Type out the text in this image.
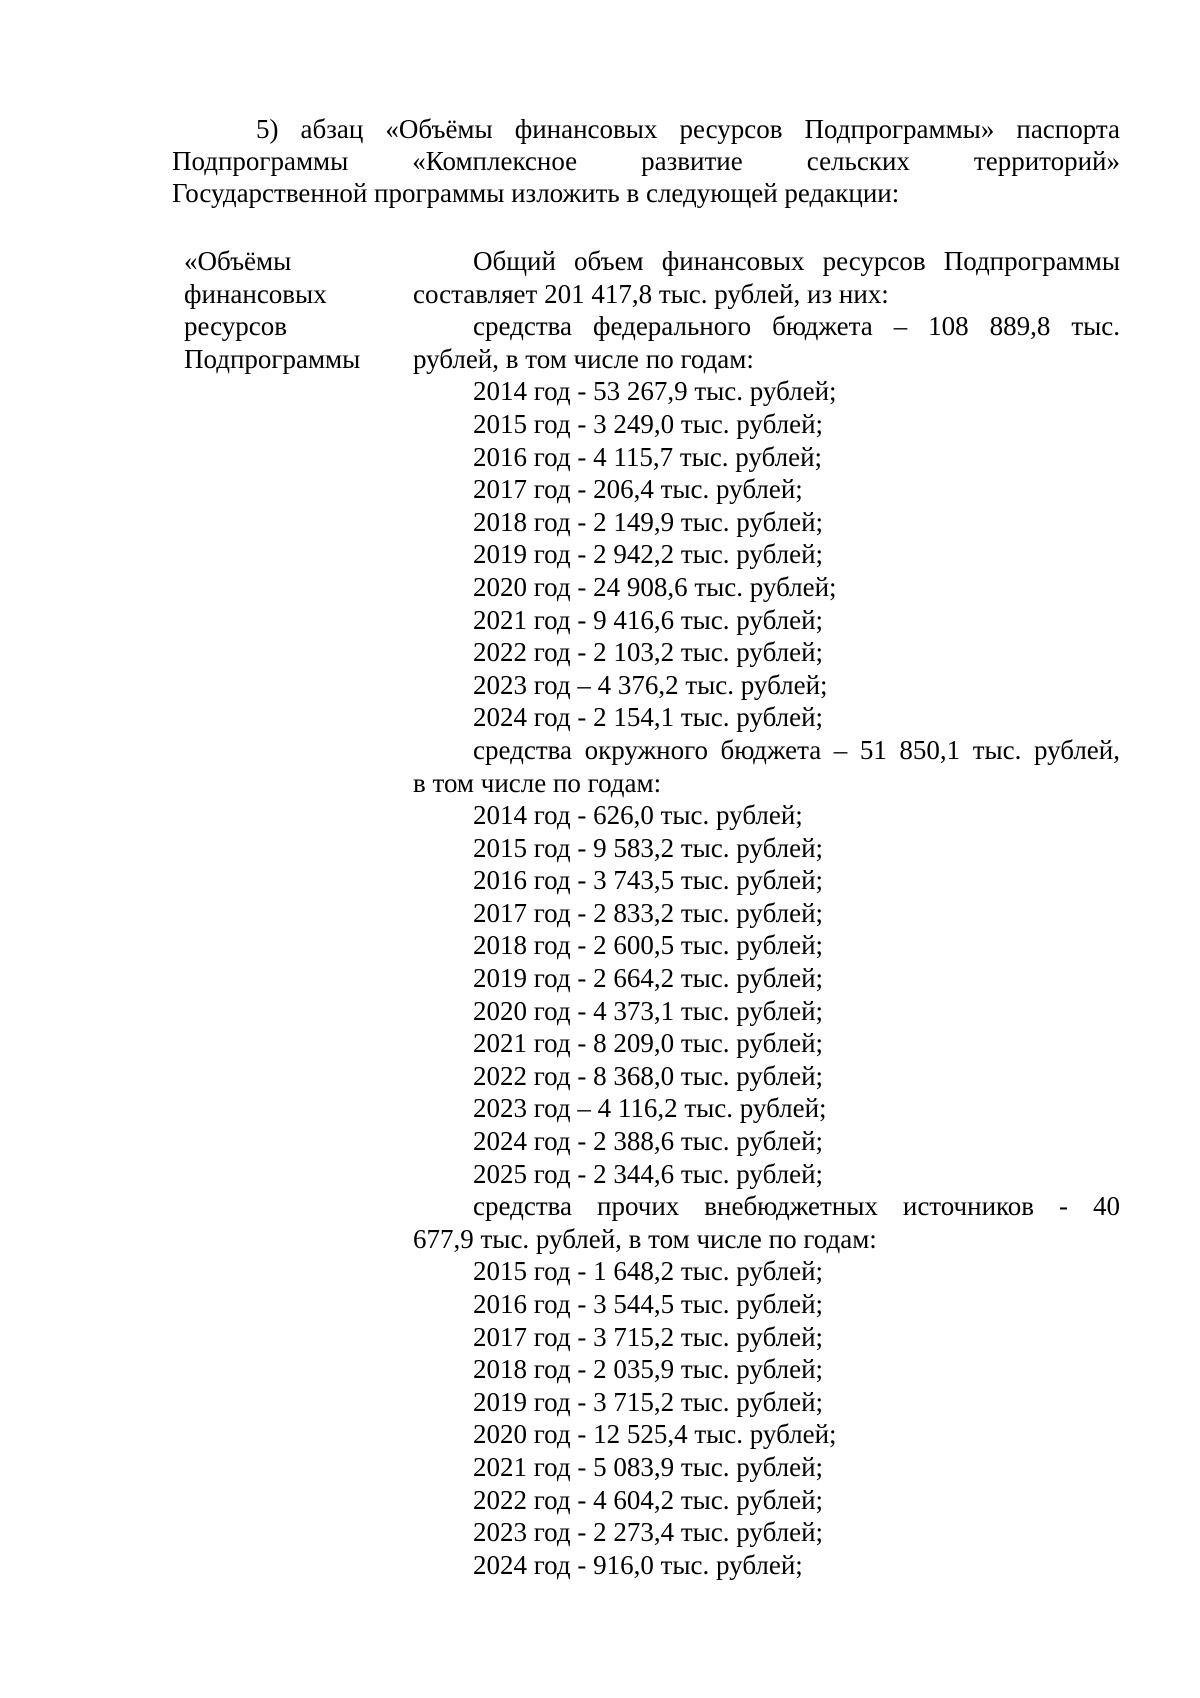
5) абзац «Объёмы финансовых ресурсов Подпрограммы» паспорта
Подпрограммы «Комплексное развитие сельских территорий»
Государственной программы изложить в следующей редакции:
«Объёмы
финансовых
ресурсов
Подпрограммы
Общий объем финансовых ресурсов Подпрограммы
составляет 201 417,8 тыс. рублей, из них:
средства федерального бюджета – 108 889,8 тыс.
рублей, в том числе по годам:
2014 год - 53 267,9 тыс. рублей;
2015 год - 3 249,0 тыс. рублей;
2016 год - 4 115,7 тыс. рублей;
2017 год - 206,4 тыс. рублей;
2018 год - 2 149,9 тыс. рублей;
2019 год - 2 942,2 тыс. рублей;
2020 год - 24 908,6 тыс. рублей;
2021 год - 9 416,6 тыс. рублей;
2022 год - 2 103,2 тыс. рублей;
2023 год – 4 376,2 тыс. рублей;
2024 год - 2 154,1 тыс. рублей;
средства окружного бюджета – 51 850,1 тыс. рублей,
в том числе по годам:
2014 год - 626,0 тыс. рублей;
2015 год - 9 583,2 тыс. рублей;
2016 год - 3 743,5 тыс. рублей;
2017 год - 2 833,2 тыс. рублей;
2018 год - 2 600,5 тыс. рублей;
2019 год - 2 664,2 тыс. рублей;
2020 год - 4 373,1 тыс. рублей;
2021 год - 8 209,0 тыс. рублей;
2022 год - 8 368,0 тыс. рублей;
2023 год – 4 116,2 тыс. рублей;
2024 год - 2 388,6 тыс. рублей;
2025 год - 2 344,6 тыс. рублей;
средства прочих внебюджетных источников - 40
677,9 тыс. рублей, в том числе по годам:
2015 год - 1 648,2 тыс. рублей;
2016 год - 3 544,5 тыс. рублей;
2017 год - 3 715,2 тыс. рублей;
2018 год - 2 035,9 тыс. рублей;
2019 год - 3 715,2 тыс. рублей;
2020 год - 12 525,4 тыс. рублей;
2021 год - 5 083,9 тыс. рублей;
2022 год - 4 604,2 тыс. рублей;
2023 год - 2 273,4 тыс. рублей;
2024 год - 916,0 тыс. рублей;
